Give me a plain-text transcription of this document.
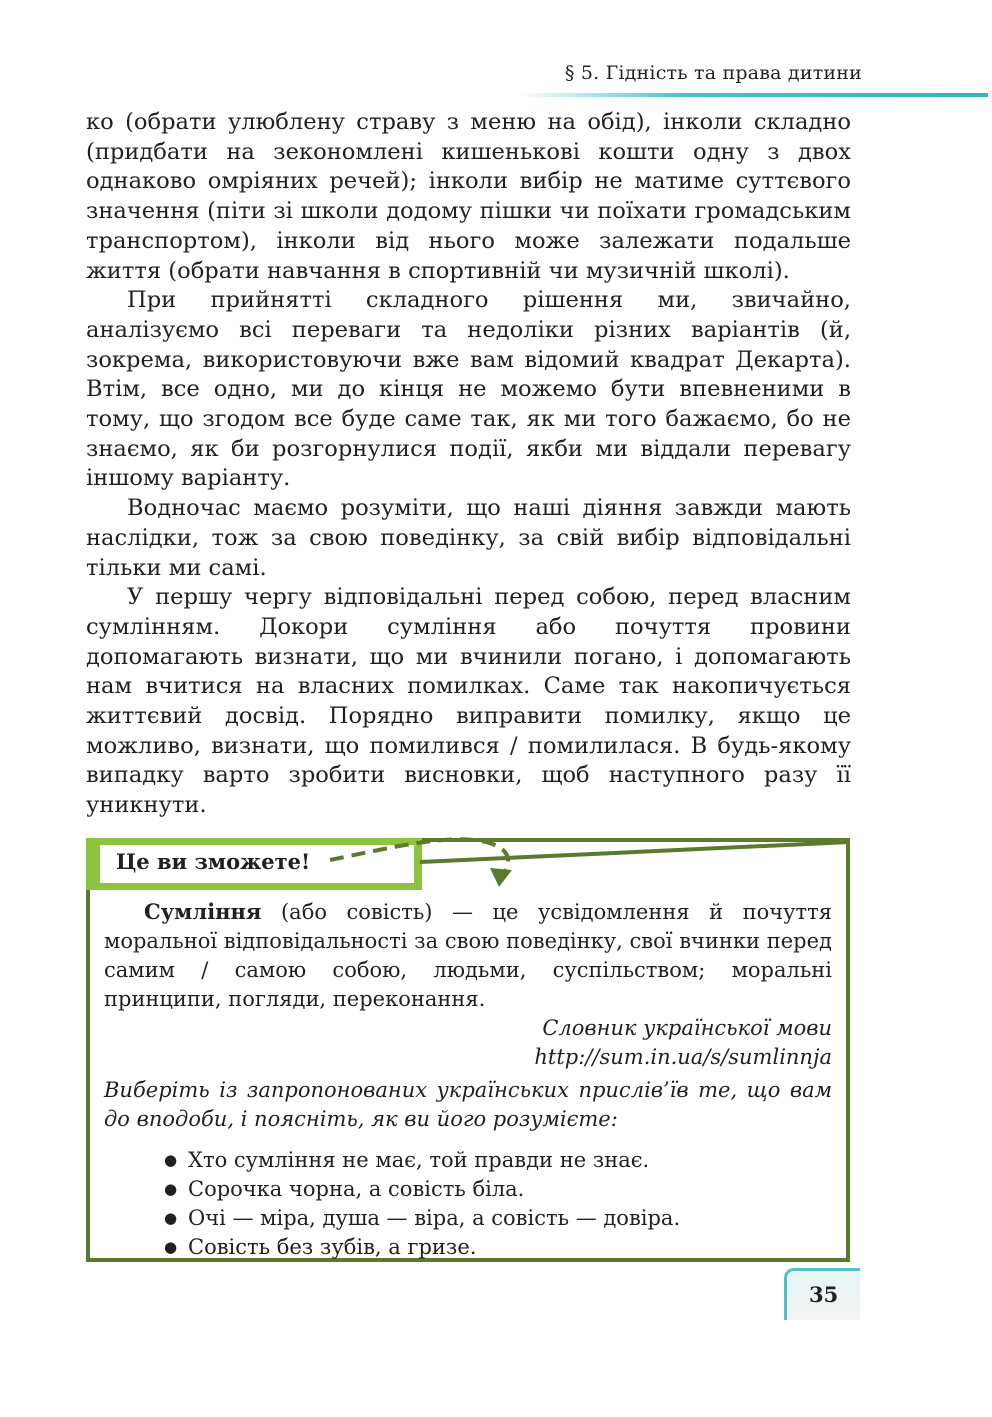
§ 5. Гідність та права дитини

ко (обрати улюблену страву з меню на обід), інколи складно (придбати на зекономлені кишенькові кошти одну з двох однаково омріяних речей); інколи вибір не матиме суттєвого значення (піти зі школи додому пішки чи поїхати громадським транспортом), інколи від нього може залежати подальше життя (обрати навчання в спортивній чи музичній школі).

При прийнятті складного рішення ми, звичайно, аналізуємо всі переваги та недоліки різних варіантів (й, зокрема, використовуючи вже вам відомий квадрат Декарта). Втім, все одно, ми до кінця не можемо бути впевненими в тому, що згодом все буде саме так, як ми того бажаємо, бо не знаємо, як би розгорнулися події, якби ми віддали перевагу іншому варіанту.

Водночас маємо розуміти, що наші діяння завжди мають наслідки, тож за свою поведінку, за свій вибір відповідальні тільки ми самі.

У першу чергу відповідальні перед собою, перед власним сумлінням. Докори сумління або почуття провини допомагають визнати, що ми вчинили погано, і допомагають нам вчитися на власних помилках. Саме так накопичується життєвий досвід. Порядно виправити помилку, якщо це можливо, визнати, що помилився / помилилася. В будь-якому випадку варто зробити висновки, щоб наступного разу її уникнути.

Це ви зможете!

Сумління (або совість) — це усвідомлення й почуття моральної відповідальності за свою поведінку, свої вчинки перед самим / самою собою, людьми, суспільством; моральні принципи, погляди, переконання.

Словник української мови

http://sum.in.ua/s/sumlinnja

Виберіть із запропонованих українських прислів’їв те, що вам до вподоби, і поясніть, як ви його розумієте:

● Хто сумління не має, той правди не знає.
● Сорочка чорна, а совість біла.
● Очі — міра, душа — віра, а совість — довіра.
● Совість без зубів, а гризе.
35
